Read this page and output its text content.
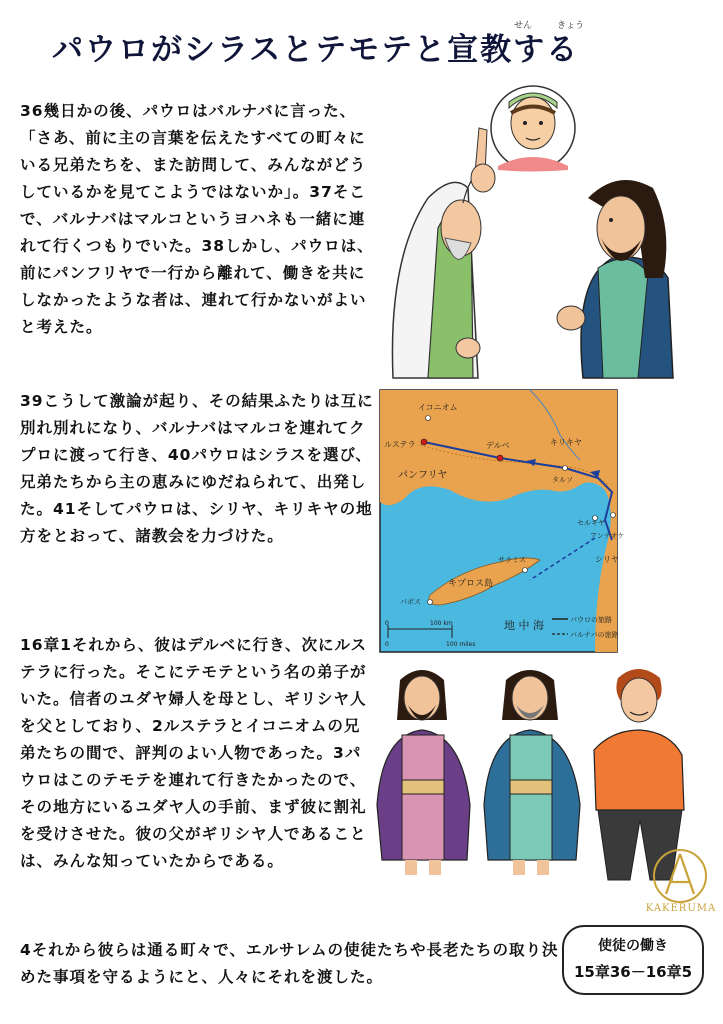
せん	きょう
パウロがシラスとテモテと宣教する

36幾日かの後、パウロはバルナバに言った、「さあ、前に主の言葉を伝えたすべての町々にいる兄弟たちを、また訪問して、みんながどうしているかを見てこようではないか」。37そこで、バルナバはマルコというヨハネも一緒に連れて行くつもりでいた。38しかし、パウロは、前にパンフリヤで一行から離れて、働きを共にしなかったような者は、連れて行かないがよいと考えた。

39こうして激論が起り、その結果ふたりは互に別れ別れになり、バルナバはマルコを連れてクプロに渡って行き、40パウロはシラスを選び、兄弟たちから主の恵みにゆだねられて、出発した。41そしてパウロは、シリヤ、キリキヤの地方をとおって、諸教会を力づけた。

16章1それから、彼はデルベに行き、次にルステラに行った。そこにテモテという名の弟子がいた。信者のユダヤ婦人を母とし、ギリシヤ人を父としており、2ルステラとイコニオムの兄弟たちの間で、評判のよい人物であった。3パウロはこのテモテを連れて行きたかったので、その地方にいるユダヤ人の手前、まず彼に割礼を受けさせた。彼の父がギリシヤ人であることは、みんな知っていたからである。

4それから彼らは通る町々で、エルサレムの使徒たちや長老たちの取り決めた事項を守るようにと、人々にそれを渡した。

イコニオム
ルステラ	デルベ	キリキヤ
タルソ
パンフリヤ
セルキヤ
アンテオケ
シリヤ
サラミス
キプロス島
パポス
地 中 海
0	100 km
0	100 miles
パウロの旅路
バルナバの旅路
KAKERUMA
使徒の働き
15章36－16章5
